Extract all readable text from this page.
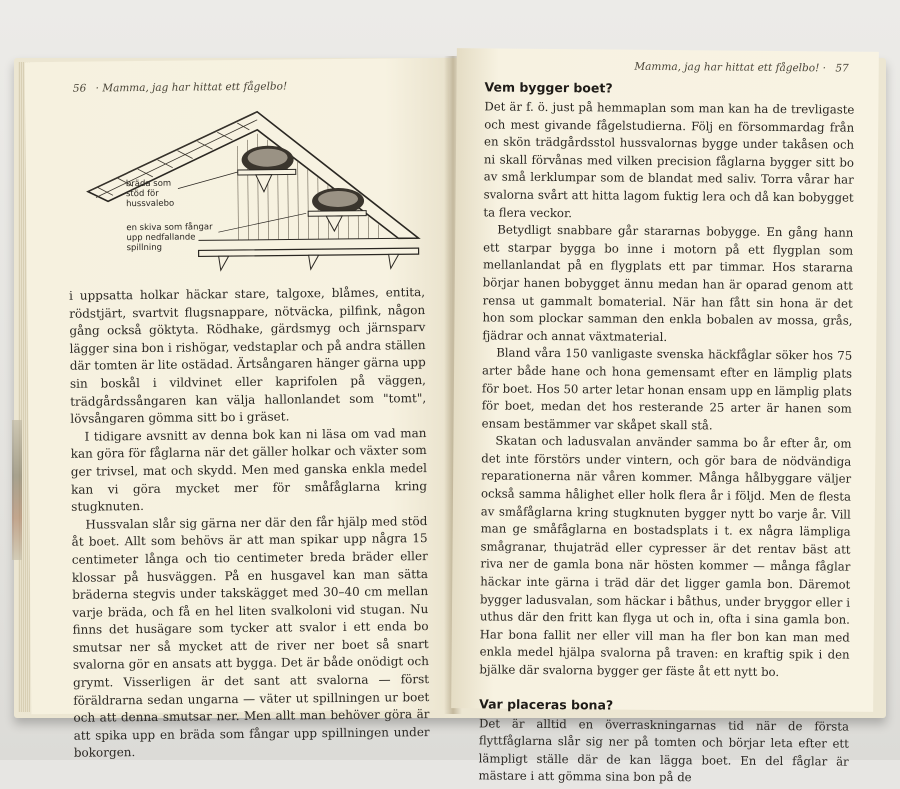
56 · Mamma, jag har hittat ett fågelbo!
bräda som
stöd för
hussvalebo
en skiva som fångar
upp nedfallande
spillning

i uppsatta holkar häckar stare, talgoxe, blåmes, entita, rödstjärt, svartvit flugsnappare, nötväcka, pilfink, någon gång också göktyta. Rödhake, gärdsmyg och järnsparv lägger sina bon i rishögar, vedstaplar och på andra ställen där tomten är lite ostädad. Ärtsångaren hänger gärna upp sin boskål i vildvinet eller kaprifolen på väggen, trädgårdssångaren kan välja hallonlandet som "tomt", lövsångaren gömma sitt bo i gräset.

I tidigare avsnitt av denna bok kan ni läsa om vad man kan göra för fåglarna när det gäller holkar och växter som ger trivsel, mat och skydd. Men med ganska enkla medel kan vi göra mycket mer för småfåglarna kring stugknuten.

Hussvalan slår sig gärna ner där den får hjälp med stöd åt boet. Allt som behövs är att man spikar upp några 15 centimeter långa och tio centimeter breda bräder eller klossar på husväggen. På en husgavel kan man sätta bräderna stegvis under takskägget med 30–40 cm mellan varje bräda, och få en hel liten svalkoloni vid stugan. Nu finns det husägare som tycker att svalor i ett enda bo smutsar ner så mycket att de river ner boet så snart svalorna gör en ansats att bygga. Det är både onödigt och grymt. Visserligen är det sant att svalorna — först föräldrarna sedan ungarna — väter ut spillningen ur boet och att denna smutsar ner. Men allt man behöver göra är att spika upp en bräda som fångar upp spillningen under bokorgen.

Mamma, jag har hittat ett fågelbo! · 57
Vem bygger boet?

Det är f. ö. just på hemmaplan som man kan ha de trevligaste och mest givande fågelstudierna. Följ en försommardag från en skön trädgårdsstol hussvalornas bygge under takåsen och ni skall förvånas med vilken precision fåglarna bygger sitt bo av små lerklumpar som de blandat med saliv. Torra vårar har svalorna svårt att hitta lagom fuktig lera och då kan bobygget ta flera veckor.

Betydligt snabbare går stararnas bobygge. En gång hann ett starpar bygga bo inne i motorn på ett flygplan som mellanlandat på en flygplats ett par timmar. Hos stararna börjar hanen bobygget ännu medan han är oparad genom att rensa ut gammalt bomaterial. När han fått sin hona är det hon som plockar samman den enkla bobalen av mossa, grås, fjädrar och annat växtmaterial.

Bland våra 150 vanligaste svenska häckfåglar söker hos 75 arter både hane och hona gemensamt efter en lämplig plats för boet. Hos 50 arter letar honan ensam upp en lämplig plats för boet, medan det hos resterande 25 arter är hanen som ensam bestämmer var skåpet skall stå.

Skatan och ladusvalan använder samma bo år efter år, om det inte förstörs under vintern, och gör bara de nödvändiga reparationerna när våren kommer. Många hålbyggare väljer också samma hålighet eller holk flera år i följd. Men de flesta av småfåglarna kring stugknuten bygger nytt bo varje år. Vill man ge småfåglarna en bostadsplats i t. ex några lämpliga smågranar, thujaträd eller cypresser är det rentav bäst att riva ner de gamla bona när hösten kommer — många fåglar häckar inte gärna i träd där det ligger gamla bon. Däremot bygger ladusvalan, som häckar i båthus, under bryggor eller i uthus där den fritt kan flyga ut och in, ofta i sina gamla bon. Har bona fallit ner eller vill man ha fler bon kan man med enkla medel hjälpa svalorna på traven: en kraftig spik i den bjälke där svalorna bygger ger fäste åt ett nytt bo.

Var placeras bona?

Det är alltid en överraskningarnas tid när de första flyttfåglarna slår sig ner på tomten och börjar leta efter ett lämpligt ställe där de kan lägga boet. En del fåglar är mästare i att gömma sina bon på de
